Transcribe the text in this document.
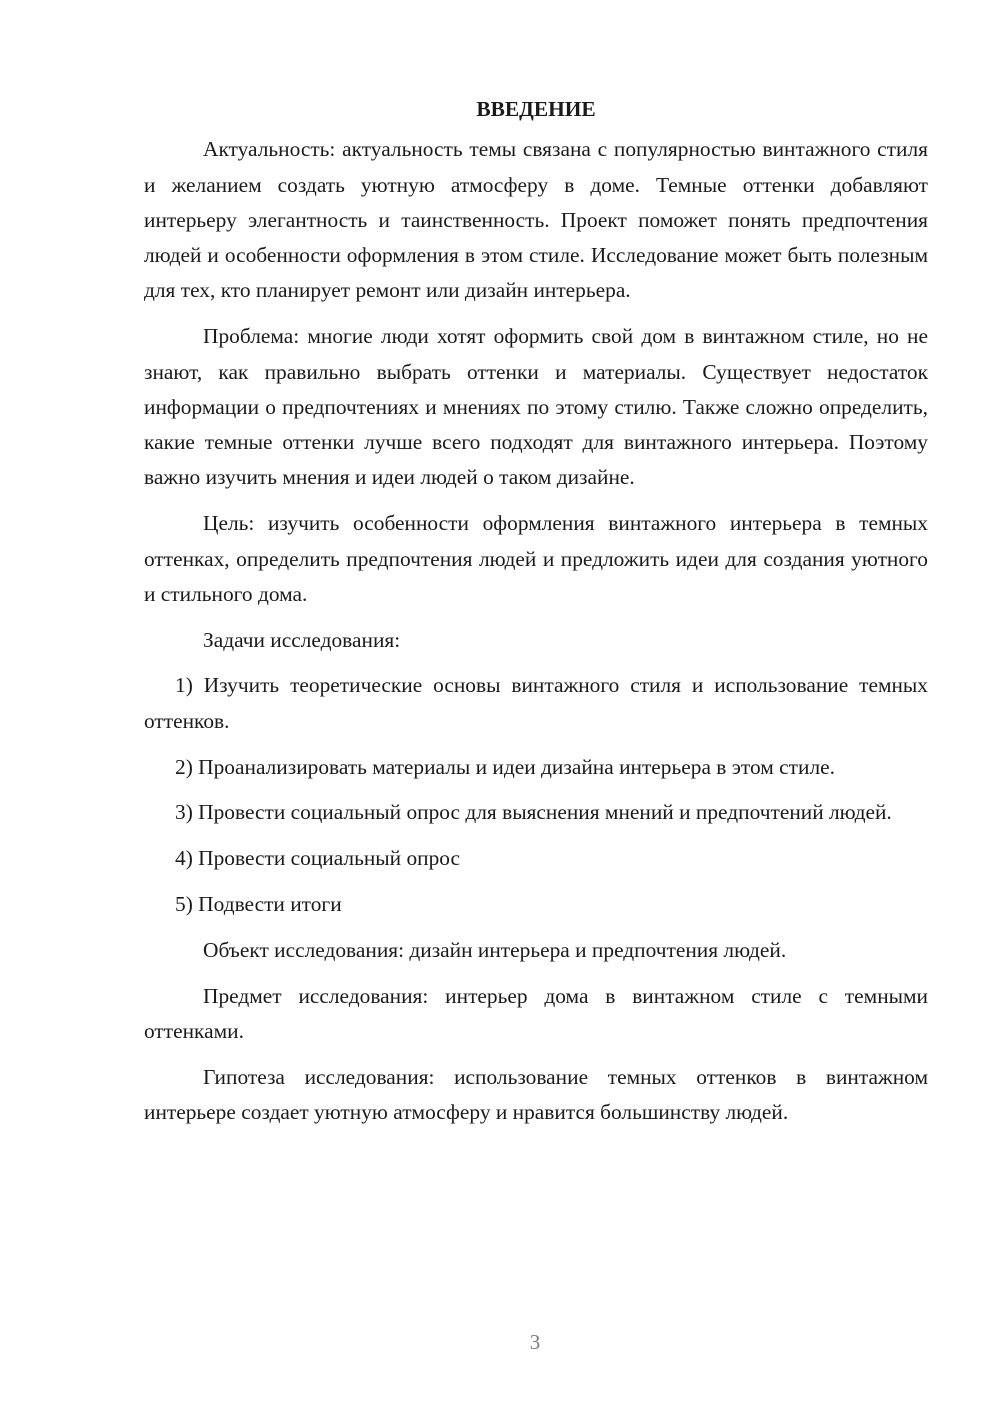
ВВЕДЕНИЕ

Актуальность: актуальность темы связана с популярностью винтажного стиля и желанием создать уютную атмосферу в доме. Темные оттенки добавляют интерьеру элегантность и таинственность. Проект поможет понять предпочтения людей и особенности оформления в этом стиле. Исследование может быть полезным для тех, кто планирует ремонт или дизайн интерьера.

Проблема: многие люди хотят оформить свой дом в винтажном стиле, но не знают, как правильно выбрать оттенки и материалы. Существует недостаток информации о предпочтениях и мнениях по этому стилю. Также сложно определить, какие темные оттенки лучше всего подходят для винтажного интерьера. Поэтому важно изучить мнения и идеи людей о таком дизайне.

Цель: изучить особенности оформления винтажного интерьера в темных оттенках, определить предпочтения людей и предложить идеи для создания уютного и стильного дома.

Задачи исследования:

1) Изучить теоретические основы винтажного стиля и использование темных оттенков.

2) Проанализировать материалы и идеи дизайна интерьера в этом стиле.

3) Провести социальный опрос для выяснения мнений и предпочтений людей.

4) Провести социальный опрос

5) Подвести итоги

Объект исследования: дизайн интерьера и предпочтения людей.

Предмет исследования: интерьер дома в винтажном стиле с темными оттенками.

Гипотеза исследования: использование темных оттенков в винтажном интерьере создает уютную атмосферу и нравится большинству людей.

3
